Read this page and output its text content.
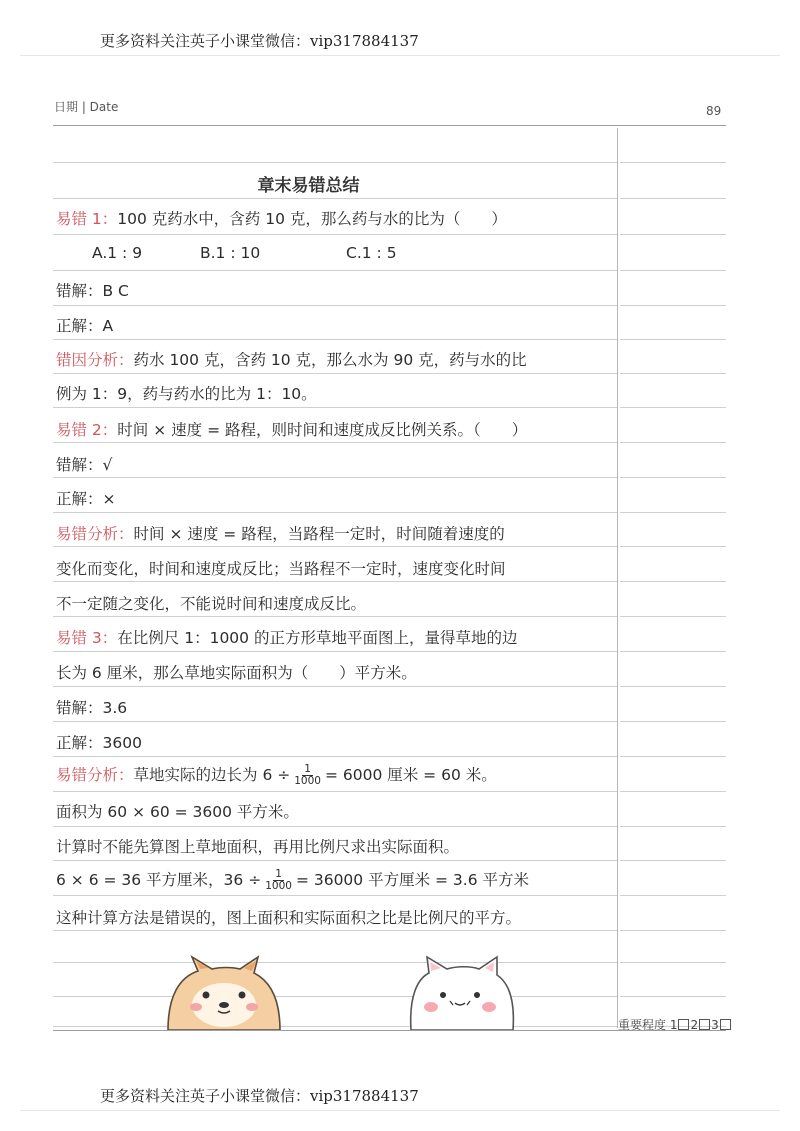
更多资料关注英子小课堂微信：vip317884137
更多资料关注英子小课堂微信：vip317884137
日期 | Date	89
章末易错总结
易错 1：100 克药水中，含药 10 克，那么药与水的比为（　　）
A.1 : 9	B.1 : 10	C.1 : 5
错解：B C
正解：A
错因分析：药水 100 克，含药 10 克，那么水为 90 克，药与水的比
例为 1：9，药与药水的比为 1：10。
易错 2：时间 × 速度 = 路程，则时间和速度成反比例关系。（　　）
错解：√
正解：×
易错分析：时间 × 速度 = 路程，当路程一定时，时间随着速度的
变化而变化，时间和速度成反比；当路程不一定时，速度变化时间
不一定随之变化，不能说时间和速度成反比。
易错 3：在比例尺 1：1000 的正方形草地平面图上，量得草地的边
长为 6 厘米，那么草地实际面积为（　　）平方米。
错解：3.6
正解：3600
易错分析：草地实际的边长为 $6 \div \frac{1}{1000} = 6000$ 厘米 = 60 米。
面积为 60 × 60 = 3600 平方米。
计算时不能先算图上草地面积，再用比例尺求出实际面积。
6 × 6 = 36 平方厘米，$36 \div \frac{1}{1000} = 36000$ 平方厘米 = 3.6 平方米
这种计算方法是错误的，图上面积和实际面积之比是比例尺的平方。
重要程度 1 2 3
